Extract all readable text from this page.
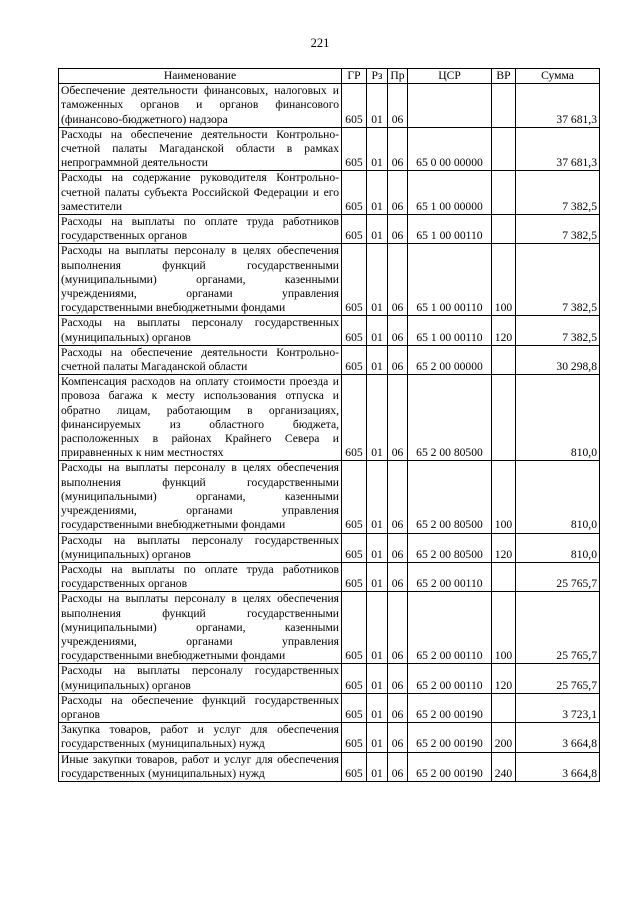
221
Наименование	ГР	Рз	Пр	ЦСР	ВР	Сумма
Обеспечение деятельности финансовых, налоговых и таможенных органов и органов финансового (финансово-бюджетного) надзора	605	01	06			37 681,3
Расходы на обеспечение деятельности Контрольно-счетной палаты Магаданской области в рамках непрограммной деятельности	605	01	06	65 0 00 00000		37 681,3
Расходы на содержание руководителя Контрольно-счетной палаты субъекта Российской Федерации и его заместители	605	01	06	65 1 00 00000		7 382,5
Расходы на выплаты по оплате труда работников государственных органов	605	01	06	65 1 00 00110		7 382,5
Расходы на выплаты персоналу в целях обеспечения выполнения функций государственными (муниципальными) органами, казенными учреждениями, органами управления государственными внебюджетными фондами	605	01	06	65 1 00 00110	100	7 382,5
Расходы на выплаты персоналу государственных (муниципальных) органов	605	01	06	65 1 00 00110	120	7 382,5
Расходы на обеспечение деятельности Контрольно-счетной палаты Магаданской области	605	01	06	65 2 00 00000		30 298,8
Компенсация расходов на оплату стоимости проезда и провоза багажа к месту использования отпуска и обратно лицам, работающим в организациях, финансируемых из областного бюджета, расположенных в районах Крайнего Севера и приравненных к ним местностях	605	01	06	65 2 00 80500		810,0
Расходы на выплаты персоналу в целях обеспечения выполнения функций государственными (муниципальными) органами, казенными учреждениями, органами управления государственными внебюджетными фондами	605	01	06	65 2 00 80500	100	810,0
Расходы на выплаты персоналу государственных (муниципальных) органов	605	01	06	65 2 00 80500	120	810,0
Расходы на выплаты по оплате труда работников государственных органов	605	01	06	65 2 00 00110		25 765,7
Расходы на выплаты персоналу в целях обеспечения выполнения функций государственными (муниципальными) органами, казенными учреждениями, органами управления государственными внебюджетными фондами	605	01	06	65 2 00 00110	100	25 765,7
Расходы на выплаты персоналу государственных (муниципальных) органов	605	01	06	65 2 00 00110	120	25 765,7
Расходы на обеспечение функций государственных органов	605	01	06	65 2 00 00190		3 723,1
Закупка товаров, работ и услуг для обеспечения государственных (муниципальных) нужд	605	01	06	65 2 00 00190	200	3 664,8
Иные закупки товаров, работ и услуг для обеспечения государственных (муниципальных) нужд	605	01	06	65 2 00 00190	240	3 664,8
